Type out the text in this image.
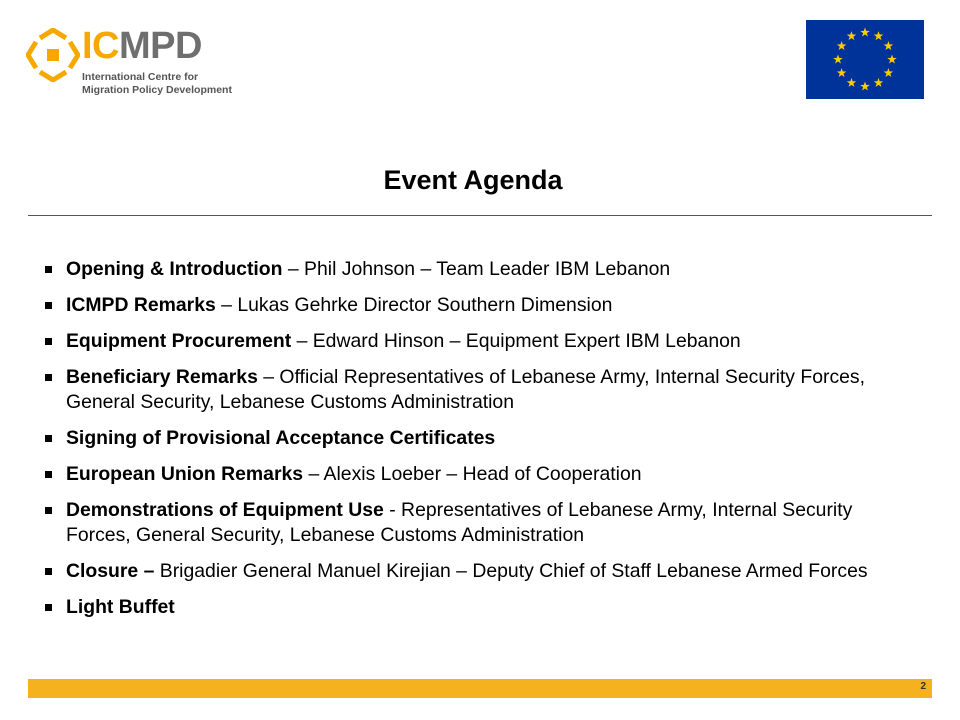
ICMPD
International Centre for
Migration Policy Development
Event Agenda
Opening & Introduction – Phil Johnson – Team Leader IBM Lebanon
ICMPD Remarks – Lukas Gehrke Director Southern Dimension
Equipment Procurement – Edward Hinson – Equipment Expert IBM Lebanon
Beneficiary Remarks – Official Representatives of Lebanese Army, Internal Security Forces, General Security, Lebanese Customs Administration
Signing of Provisional Acceptance Certificates
European Union Remarks – Alexis Loeber – Head of Cooperation
Demonstrations of Equipment Use - Representatives of Lebanese Army, Internal Security Forces, General Security, Lebanese Customs Administration
Closure – Brigadier General Manuel Kirejian – Deputy Chief of Staff Lebanese Armed Forces
Light Buffet
2
